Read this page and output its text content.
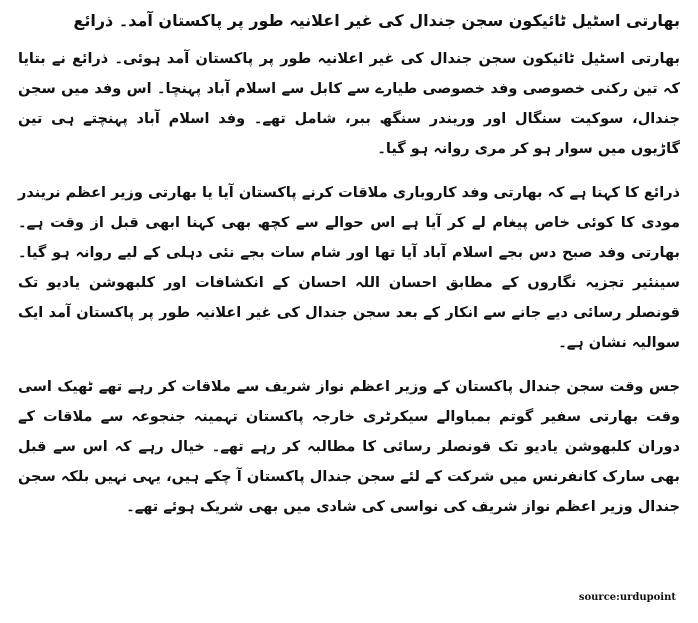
بھارتی اسٹیل ٹائیکون سجن جندال کی غیر اعلانیہ طور پر پاکستان آمد۔ ذرائع

بھارتی اسٹیل ٹائیکون سجن جندال کی غیر اعلانیہ طور پر پاکستان آمد ہوئی۔ ذرائع نے بتایا کہ تین رکنی خصوصی وفد خصوصی طیارے سے کابل سے اسلام آباد پہنچا۔ اس وفد میں سجن جندال، سوکیت سنگال اور وریندر سنگھ ببر، شامل تھے۔ وفد اسلام آباد پہنچتے ہی تین گاڑیوں میں سوار ہو کر مری روانہ ہو گیا۔

ذرائع کا کہنا ہے کہ بھارتی وفد کاروباری ملاقات کرنے پاکستان آیا یا بھارتی وزیر اعظم نریندر مودی کا کوئی خاص پیغام لے کر آیا ہے اس حوالے سے کچھ بھی کہنا ابھی قبل از وقت ہے۔ بھارتی وفد صبح دس بجے اسلام آباد آیا تھا اور شام سات بجے نئی دہلی کے لیے روانہ ہو گیا۔ سینئیر تجزیہ نگاروں کے مطابق احسان اللہ احسان کے انکشافات اور کلبھوشن یادیو تک قونصلر رسائی دیے جانے سے انکار کے بعد سجن جندال کی غیر اعلانیہ طور پر پاکستان آمد ایک سوالیہ نشان ہے۔

جس وقت سجن جندال پاکستان کے وزیر اعظم نواز شریف سے ملاقات کر رہے تھے ٹھیک اسی وقت بھارتی سفیر گوتم بمباوالے سیکرٹری خارجہ پاکستان تہمینہ جنجوعہ سے ملاقات کے دوران کلبھوشن یادیو تک قونصلر رسائی کا مطالبہ کر رہے تھے۔ خیال رہے کہ اس سے قبل بھی سارک کانفرنس میں شرکت کے لئے سجن جندال پاکستان آ چکے ہیں، یہی نہیں بلکہ سجن جندال وزیر اعظم نواز شریف کی نواسی کی شادی میں بھی شریک ہوئے تھے۔

source:urdupoint
